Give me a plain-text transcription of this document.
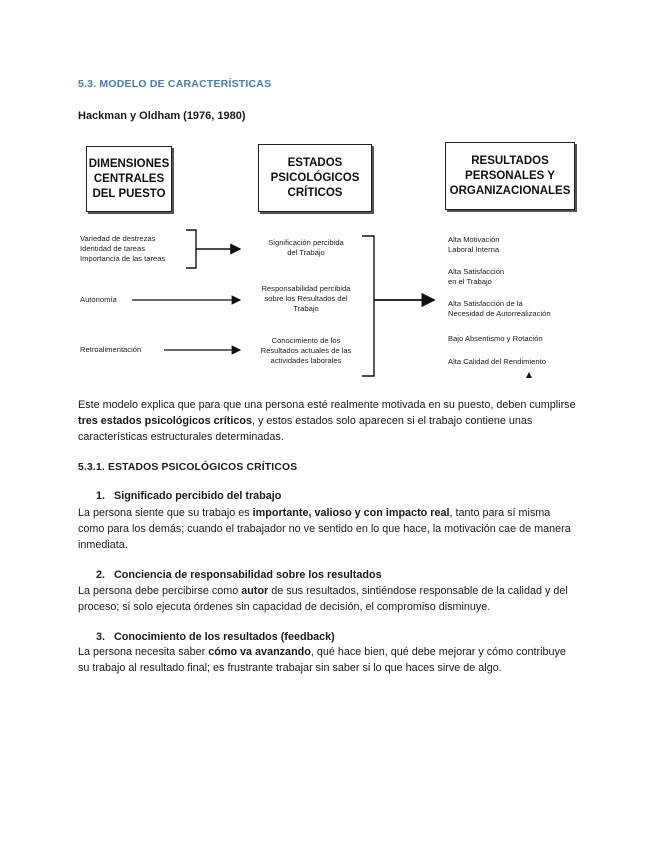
5.3. MODELO DE CARACTERÍSTICAS
Hackman y Oldham (1976, 1980)
DIMENSIONES
CENTRALES
DEL PUESTO
ESTADOS
PSICOLÓGICOS
CRÍTICOS
RESULTADOS
PERSONALES Y
ORGANIZACIONALES
Variedad de destrezas
Identidad de tareas
Importancia de las tareas
Autonomía
Retroalimentación
Significación percibida
del Trabajo
Responsabilidad percibida
sobre los Resultados del
Trabajo
Conocimiento de los
Resultados actuales de las
actividades laborales
Alta Motivación
Laboral Interna
Alta Satisfacción
en el Trabajo
Alta Satisfacción de la
Necesidad de Autorrealización
Bajo Absentismo y Rotación
Alta Calidad del Rendimiento
Este modelo explica que para que una persona esté realmente motivada en su puesto, deben cumplirse tres estados psicológicos críticos, y estos estados solo aparecen si el trabajo contiene unas características estructurales determinadas.
5.3.1. ESTADOS PSICOLÓGICOS CRÍTICOS
1.   Significado percibido del trabajo
La persona siente que su trabajo es importante, valioso y con impacto real, tanto para sí misma como para los demás; cuando el trabajador no ve sentido en lo que hace, la motivación cae de manera inmediata.
2.   Conciencia de responsabilidad sobre los resultados
La persona debe percibirse como autor de sus resultados, sintiéndose responsable de la calidad y del proceso; si solo ejecuta órdenes sin capacidad de decisión, el compromiso disminuye.
3.   Conocimiento de los resultados (feedback)
La persona necesita saber cómo va avanzando, qué hace bien, qué debe mejorar y cómo contribuye su trabajo al resultado final; es frustrante trabajar sin saber si lo que haces sirve de algo.
